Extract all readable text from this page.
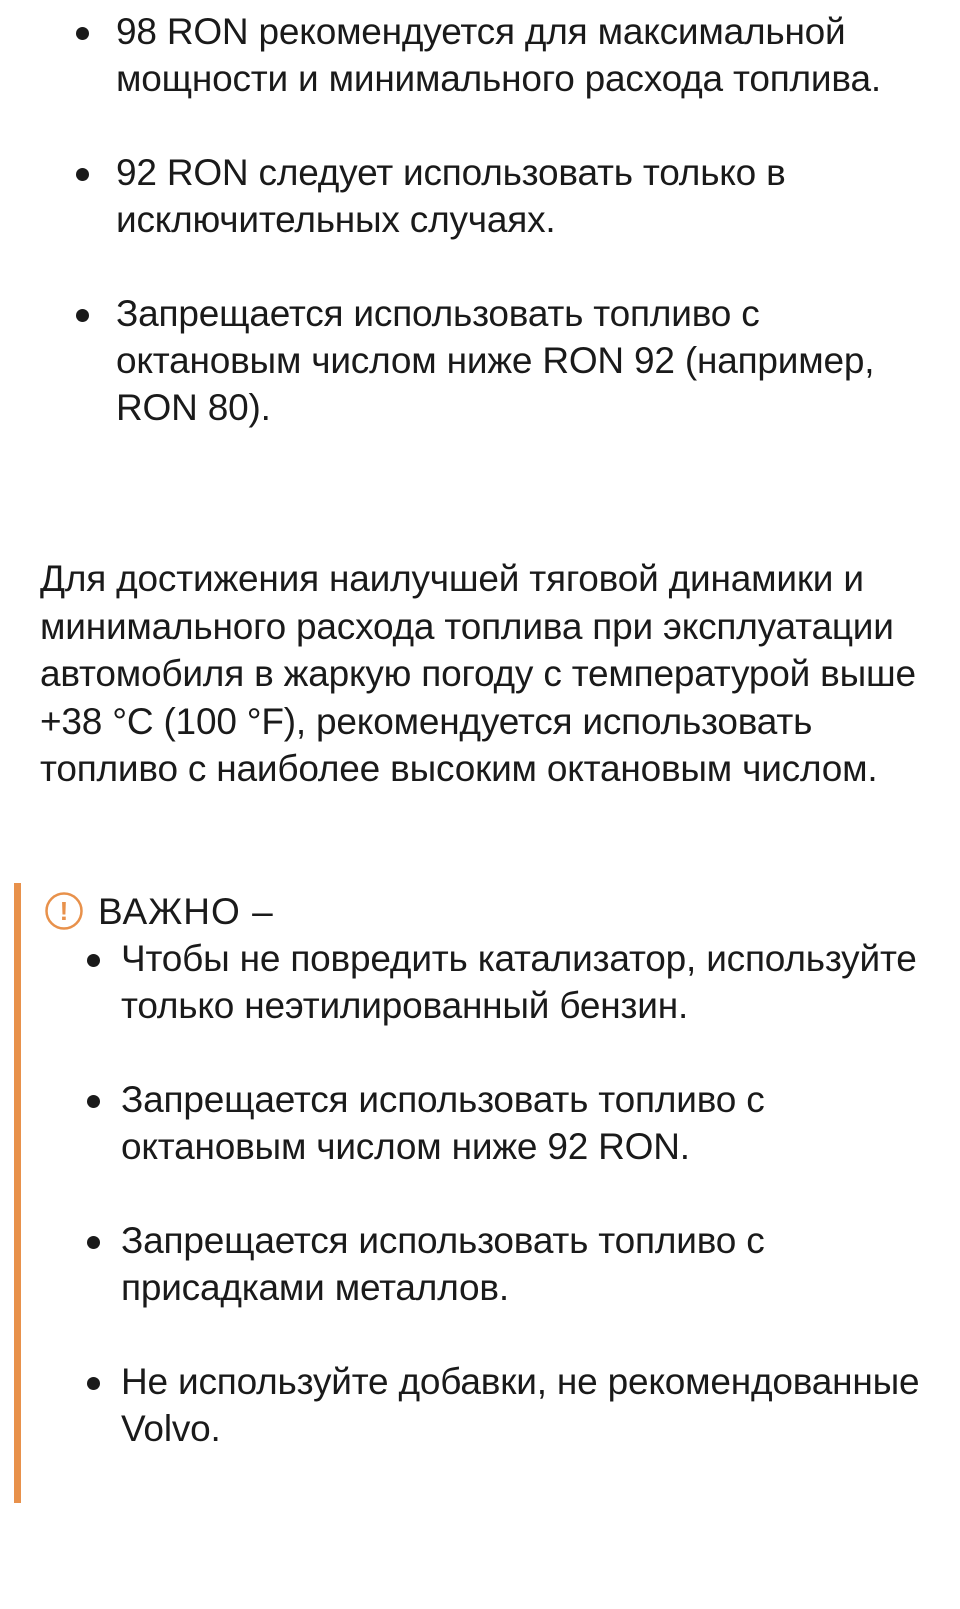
98 RON рекомендуется для максимальной мощности и минимального расхода топлива.
92 RON следует использовать только в исключительных случаях.
Запрещается использовать топливо с октановым числом ниже RON 92 (например, RON 80).

Для достижения наилучшей тяговой динамики и минимального расхода топлива при эксплуатации автомобиля в жаркую погоду с температурой выше +38 °С (100 °F), рекомендуется использовать топливо с наиболее высоким октановым числом.

! ВАЖНО –
Чтобы не повредить катализатор, используйте только неэтилированный бензин.
Запрещается использовать топливо с октановым числом ниже 92 RON.
Запрещается использовать топливо с присадками металлов.
Не используйте добавки, не рекомендованные Volvo.
